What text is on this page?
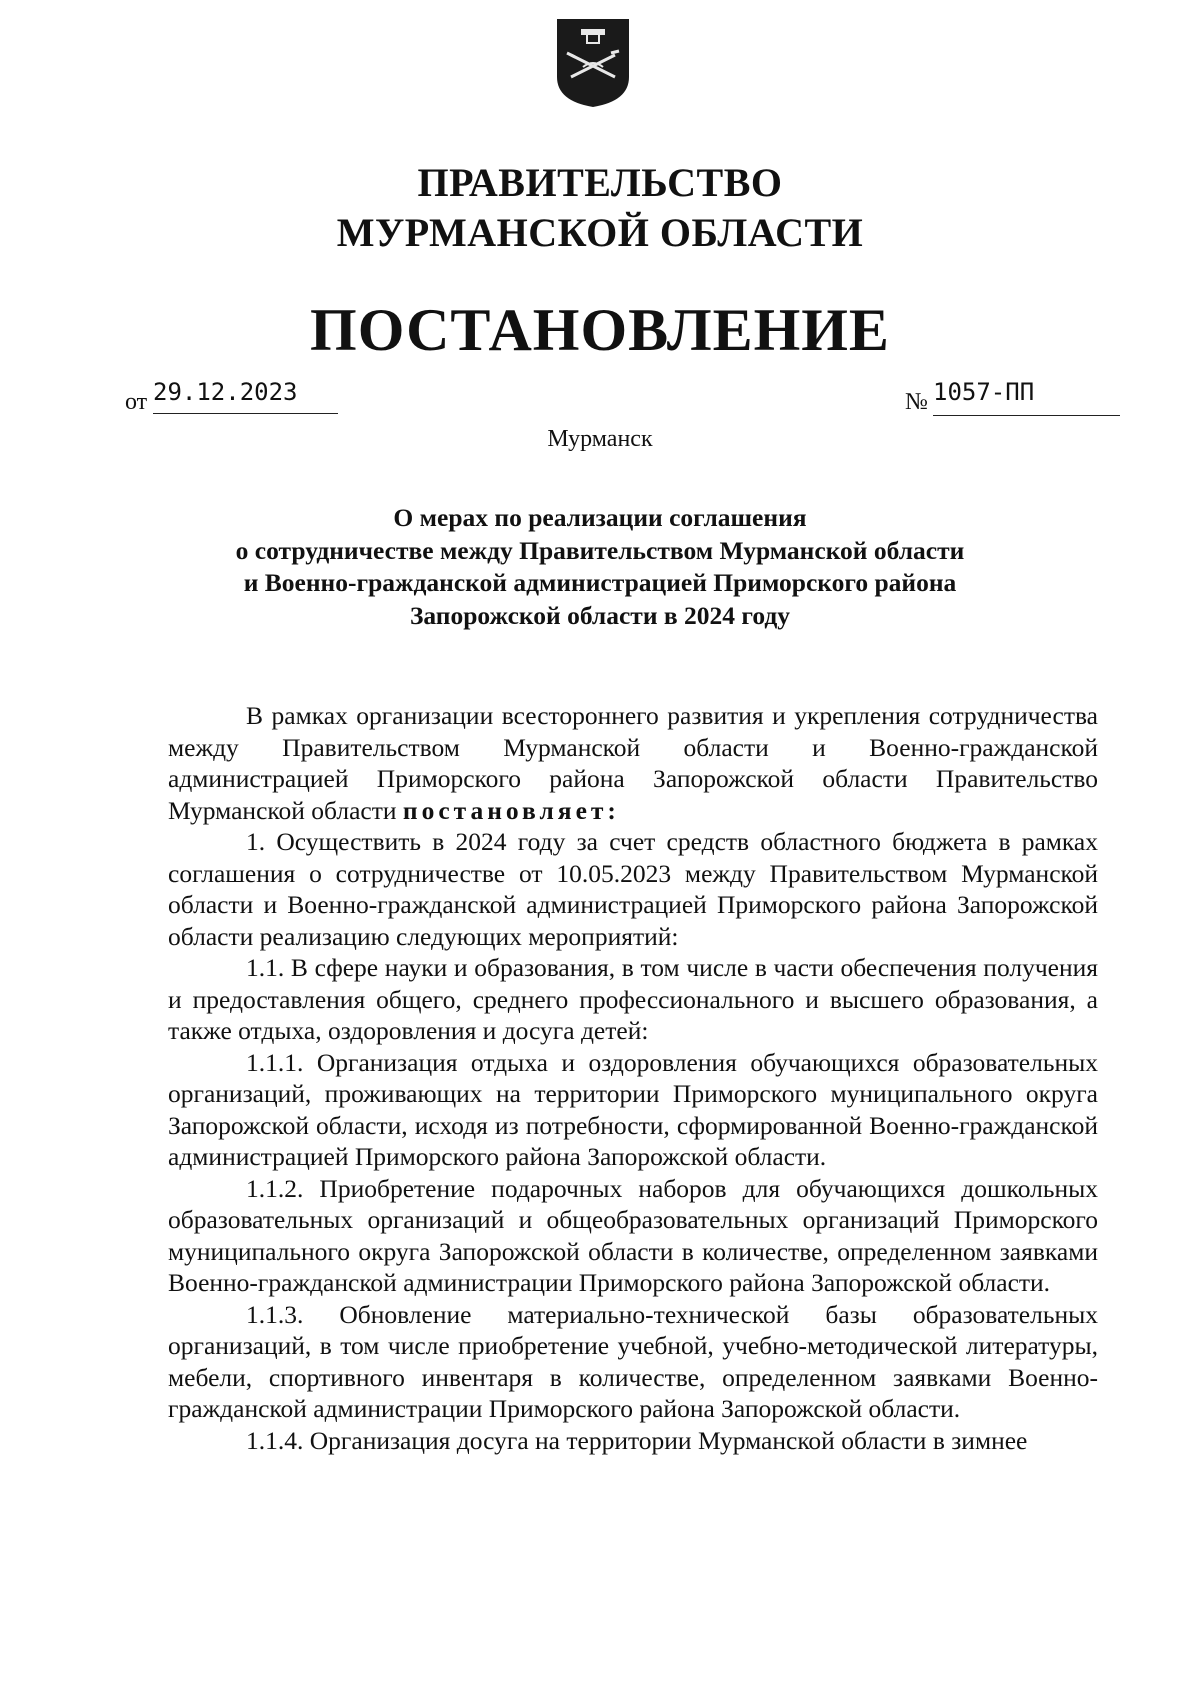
ПРАВИТЕЛЬСТВО
МУРМАНСКОЙ ОБЛАСТИ
ПОСТАНОВЛЕНИЕ
от 29.12.2023	№ 1057-ПП
Мурманск
О мерах по реализации соглашения
о сотрудничестве между Правительством Мурманской области
и Военно-гражданской администрацией Приморского района
Запорожской области в 2024 году

В рамках организации всестороннего развития и укрепления сотрудничества между Правительством Мурманской области и Военно-гражданской администрацией Приморского района Запорожской области Правительство Мурманской области постановляет:

1. Осуществить в 2024 году за счет средств областного бюджета в рамках соглашения о сотрудничестве от 10.05.2023 между Правительством Мурманской области и Военно-гражданской администрацией Приморского района Запорожской области реализацию следующих мероприятий:

1.1. В сфере науки и образования, в том числе в части обеспечения получения и предоставления общего, среднего профессионального и высшего образования, а также отдыха, оздоровления и досуга детей:

1.1.1. Организация отдыха и оздоровления обучающихся образовательных организаций, проживающих на территории Приморского муниципального округа Запорожской области, исходя из потребности, сформированной Военно-гражданской администрацией Приморского района Запорожской области.

1.1.2. Приобретение подарочных наборов для обучающихся дошкольных образовательных организаций и общеобразовательных организаций Приморского муниципального округа Запорожской области в количестве, определенном заявками Военно-гражданской администрации Приморского района Запорожской области.

1.1.3. Обновление материально-технической базы образовательных организаций, в том числе приобретение учебной, учебно-методической литературы, мебели, спортивного инвентаря в количестве, определенном заявками Военно-гражданской администрации Приморского района Запорожской области.

1.1.4. Организация досуга на территории Мурманской области в зимнее
